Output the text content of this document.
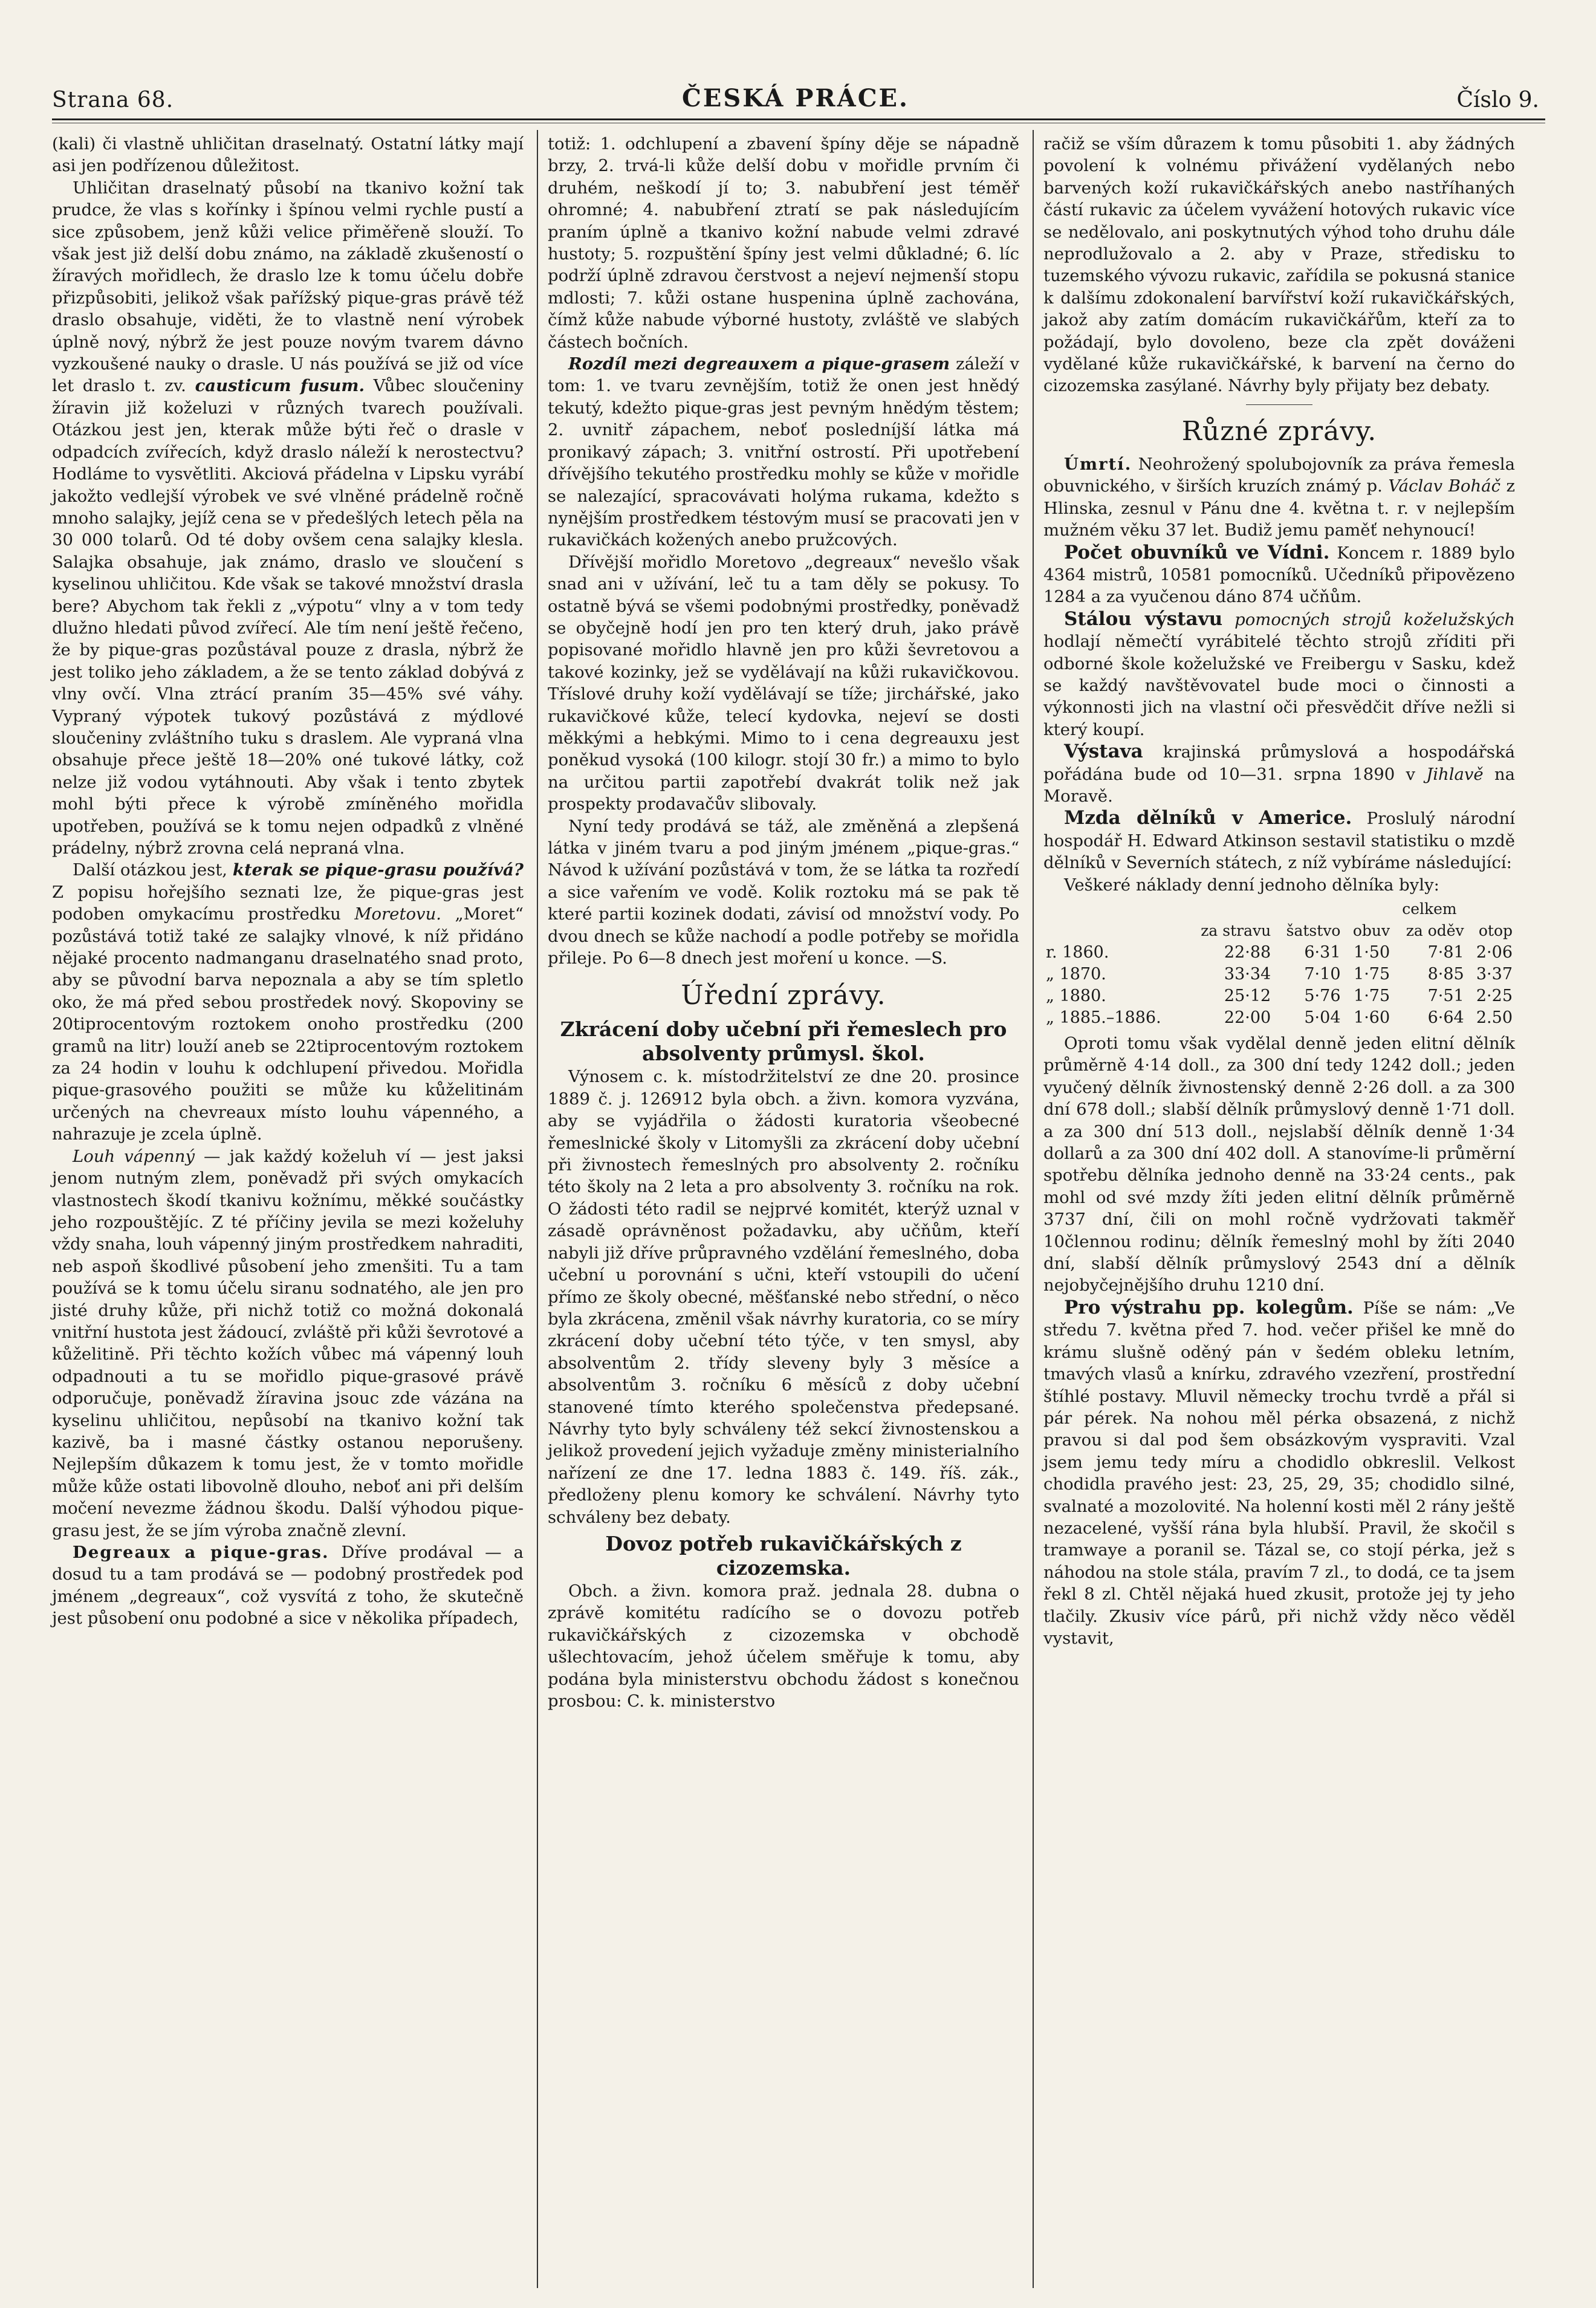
Strana 68.	ČESKÁ PRÁCE.	Číslo 9.

(kali) či vlastně uhličitan draselnatý. Ostatní látky mají asi jen podřízenou důležitost.

Uhličitan draselnatý působí na tkanivo kožní tak prudce, že vlas s kořínky i špínou velmi rychle pustí a sice způsobem, jenž kůži velice přiměřeně slouží. To však jest již delší dobu známo, na základě zkušeností o žíravých mořidlech, že draslo lze k tomu účelu dobře přizpůsobiti, jelikož však pařížský pique-gras právě též draslo obsahuje, viděti, že to vlastně není výrobek úplně nový, nýbrž že jest pouze novým tvarem dávno vyzkoušené nauky o drasle. U nás používá se již od více let draslo t. zv. causticum fusum. Vůbec sloučeniny žíravin již koželuzi v různých tvarech používali. Otázkou jest jen, kterak může býti řeč o drasle v odpadcích zvířecích, když draslo náleží k nerostectvu? Hodláme to vysvětliti. Akciová přádelna v Lipsku vyrábí jakožto vedlejší výrobek ve své vlněné prádelně ročně mnoho salajky, jejíž cena se v předešlých letech pěla na 30 000 tolarů. Od té doby ovšem cena salajky klesla. Salajka obsahuje, jak známo, draslo ve sloučení s kyselinou uhličitou. Kde však se takové množství drasla bere? Abychom tak řekli z „výpotu“ vlny a v tom tedy dlužno hledati původ zvířecí. Ale tím není ještě řečeno, že by pique-gras pozůstával pouze z drasla, nýbrž že jest toliko jeho základem, a že se tento základ dobývá z vlny ovčí. Vlna ztrácí praním 35—45% své váhy. Vypraný výpotek tukový pozůstává z mýdlové sloučeniny zvláštního tuku s draslem. Ale vypraná vlna obsahuje přece ještě 18—20% oné tukové látky, což nelze již vodou vytáhnouti. Aby však i tento zbytek mohl býti přece k výrobě zmíněného mořidla upotřeben, používá se k tomu nejen odpadků z vlněné prádelny, nýbrž zrovna celá nepraná vlna.

Další otázkou jest, kterak se pique-grasu používá? Z popisu hořejšího seznati lze, že pique-gras jest podoben omykacímu prostředku Moretovu. „Moret“ pozůstává totiž také ze salajky vlnové, k níž přidáno nějaké procento nadmanganu draselnatého snad proto, aby se původní barva nepoznala a aby se tím spletlo oko, že má před sebou prostředek nový. Skopoviny se 20tiprocentovým roztokem onoho prostředku (200 gramů na litr) louží aneb se 22tiprocentovým roztokem za 24 hodin v louhu k odchlupení přivedou. Mořidla pique-grasového použiti se může ku kůželitinám určených na chevreaux místo louhu vápenného, a nahrazuje je zcela úplně.

Louh vápenný — jak každý koželuh ví — jest jaksi jenom nutným zlem, poněvadž při svých omykacích vlastnostech škodí tkanivu kožnímu, měkké součástky jeho rozpouštějíc. Z té příčiny jevila se mezi koželuhy vždy snaha, louh vápenný jiným prostředkem nahraditi, neb aspoň škodlivé působení jeho zmenšiti. Tu a tam používá se k tomu účelu siranu sodnatého, ale jen pro jisté druhy kůže, při nichž totiž co možná dokonalá vnitřní hustota jest žádoucí, zvláště při kůži ševrotové a kůželitině. Při těchto kožích vůbec má vápenný louh odpadnouti a tu se mořidlo pique-grasové právě odporučuje, poněvadž žíravina jsouc zde vázána na kyselinu uhličitou, nepůsobí na tkanivo kožní tak kazivě, ba i masné částky ostanou neporušeny. Nejlepším důkazem k tomu jest, že v tomto mořidle může kůže ostati libovolně dlouho, neboť ani při delším močení nevezme žádnou škodu. Další výhodou pique-grasu jest, že se jím výroba značně zlevní.

Degreaux a pique-gras. Dříve prodával — a dosud tu a tam prodává se — podobný prostředek pod jménem „degreaux“, což vysvítá z toho, že skutečně jest působení onu podobné a sice v několika případech,

totiž: 1. odchlupení a zbavení špíny děje se nápadně brzy, 2. trvá-li kůže delší dobu v mořidle prvním či druhém, neškodí jí to; 3. nabubření jest téměř ohromné; 4. nabubření ztratí se pak následujícím praním úplně a tkanivo kožní nabude velmi zdravé hustoty; 5. rozpuštění špíny jest velmi důkladné; 6. líc podrží úplně zdravou čerstvost a nejeví nejmenší stopu mdlosti; 7. kůži ostane huspenina úplně zachována, čímž kůže nabude výborné hustoty, zvláště ve slabých částech bočních.

Rozdíl mezi degreauxem a pique-grasem záleží v tom: 1. ve tvaru zevnějším, totiž že onen jest hnědý tekutý, kdežto pique-gras jest pevným hnědým těstem; 2. uvnitř zápachem, neboť posledníjší látka má pronikavý zápach; 3. vnitřní ostrostí. Při upotřebení dřívějšího tekutého prostředku mohly se kůže v mořidle se nalezající, spracovávati holýma rukama, kdežto s nynějším prostředkem téstovým musí se pracovati jen v rukavičkách kožených anebo pružcových.

Dřívější mořidlo Moretovo „degreaux“ nevešlo však snad ani v užívání, leč tu a tam děly se pokusy. To ostatně bývá se všemi podobnými prostředky, poněvadž se obyčejně hodí jen pro ten který druh, jako právě popisované mořidlo hlavně jen pro kůži ševretovou a takové kozinky, jež se vydělávají na kůži rukavičkovou. Tříslové druhy koží vydělávají se tíže; jirchářské, jako rukavičkové kůže, telecí kydovka, nejeví se dosti měkkými a hebkými. Mimo to i cena degreauxu jest poněkud vysoká (100 kilogr. stojí 30 fr.) a mimo to bylo na určitou partii zapotřebí dvakrát tolik než jak prospekty prodavačův slibovaly.

Nyní tedy prodává se táž, ale změněná a zlepšená látka v jiném tvaru a pod jiným jménem „pique-gras.“ Návod k užívání pozůstává v tom, že se látka ta rozředí a sice vařením ve vodě. Kolik roztoku má se pak tě které partii kozinek dodati, závisí od množství vody. Po dvou dnech se kůže nachodí a podle potřeby se mořidla přileje. Po 6—8 dnech jest moření u konce. —S.

Úřední zprávy.

Zkrácení doby učební při řemeslech pro absolventy průmysl. škol.

Výnosem c. k. místodržitelství ze dne 20. prosince 1889 č. j. 126912 byla obch. a živn. komora vyzvána, aby se vyjádřila o žádosti kuratoria všeobecné řemeslnické školy v Litomyšli za zkrácení doby učební při živnostech řemeslných pro absolventy 2. ročníku této školy na 2 leta a pro absolventy 3. ročníku na rok. O žádosti této radil se nejprvé komitét, kterýž uznal v zásadě oprávněnost požadavku, aby učňům, kteří nabyli již dříve průpravného vzdělání řemeslného, doba učební u porovnání s učni, kteří vstoupili do učení přímo ze školy obecné, měšťanské nebo střední, o něco byla zkrácena, změnil však návrhy kuratoria, co se míry zkrácení doby učební této týče, v ten smysl, aby absolventům 2. třídy sleveny byly 3 měsíce a absolventům 3. ročníku 6 měsíců z doby učební stanovené tímto kterého společenstva předepsané. Návrhy tyto byly schváleny též sekcí živnostenskou a jelikož provedení jejich vyžaduje změny ministerialního nařízení ze dne 17. ledna 1883 č. 149. říš. zák., předloženy plenu komory ke schválení. Návrhy tyto schváleny bez debaty.

Dovoz potřeb rukavičkářských z cizozemska.

Obch. a živn. komora praž. jednala 28. dubna o zprávě komitétu radícího se o dovozu potřeb rukavičkářských z cizozemska v obchodě ušlechtovacím, jehož účelem směřuje k tomu, aby podána byla ministerstvu obchodu žádost s konečnou prosbou: C. k. ministerstvo

račiž se vším důrazem k tomu působiti 1. aby žádných povolení k volnému přivážení vydělaných nebo barvených koží rukavičkářských anebo nastříhaných částí rukavic za účelem vyvážení hotových rukavic více se nedělovalo, ani poskytnutých výhod toho druhu dále neprodlužovalo a 2. aby v Praze, středisku to tuzemského vývozu rukavic, zařídila se pokusná stanice k dalšímu zdokonalení barvířství koží rukavičkářských, jakož aby zatím domácím rukavičkářům, kteří za to požádají, bylo dovoleno, beze cla zpět dováženi vydělané kůže rukavičkářské, k barvení na černo do cizozemska zasýlané. Návrhy byly přijaty bez debaty.

Různé zprávy.

Úmrtí. Neohrožený spolubojovník za práva řemesla obuvnického, v širších kruzích známý p. Václav Boháč z Hlinska, zesnul v Pánu dne 4. května t. r. v nejlepším mužném věku 37 let. Budiž jemu paměť nehynoucí!

Počet obuvníků ve Vídni. Koncem r. 1889 bylo 4364 mistrů, 10581 pomocníků. Učedníků připovězeno 1284 a za vyučenou dáno 874 učňům.

Stálou výstavu pomocných strojů koželužských hodlají němečtí vyrábitelé těchto strojů zříditi při odborné škole koželužské ve Freibergu v Sasku, kdež se každý navštěvovatel bude moci o činnosti a výkonnosti jich na vlastní oči přesvědčit dříve nežli si který koupí.

Výstava krajinská průmyslová a hospodářská pořádána bude od 10—31. srpna 1890 v Jihlavě na Moravě.

Mzda dělníků v Americe. Proslulý národní hospodář H. Edward Atkinson sestavil statistiku o mzdě dělníků v Severních státech, z níž vybíráme následující:

Veškeré náklady denní jednoho dělníka byly:

				celkem	
	za stravu	šatstvo	obuv	za oděv	otop
r. 1860.	22·88	6·31	1·50	7·81	2·06
„ 1870.	33·34	7·10	1·75	8·85	3·37
„ 1880.	25·12	5·76	1·75	7·51	2·25
„ 1885.–1886.	22·00	5·04	1·60	6·64	2.50

Oproti tomu však vydělal denně jeden elitní dělník průměrně 4·14 doll., za 300 dní tedy 1242 doll.; jeden vyučený dělník živnostenský denně 2·26 doll. a za 300 dní 678 doll.; slabší dělník průmyslový denně 1·71 doll. a za 300 dní 513 doll., nejslabší dělník denně 1·34 dollarů a za 300 dní 402 doll. A stanovíme-li průměrní spotřebu dělníka jednoho denně na 33·24 cents., pak mohl od své mzdy žíti jeden elitní dělník průměrně 3737 dní, čili on mohl ročně vydržovati takměř 10člennou rodinu; dělník řemeslný mohl by žíti 2040 dní, slabší dělník průmyslový 2543 dní a dělník nejobyčejnějšího druhu 1210 dní.

Pro výstrahu pp. kolegům. Píše se nám: „Ve středu 7. května před 7. hod. večer přišel ke mně do krámu slušně oděný pán v šedém obleku letním, tmavých vlasů a knírku, zdravého vzezření, prostřední štíhlé postavy. Mluvil německy trochu tvrdě a přál si pár pérek. Na nohou měl pérka obsazená, z nichž pravou si dal pod šem obsázkovým vyspraviti. Vzal jsem jemu tedy míru a chodidlo obkreslil. Velkost chodidla pravého jest: 23, 25, 29, 35; chodidlo silné, svalnaté a mozolovité. Na holenní kosti měl 2 rány ještě nezacelené, vyšší rána byla hlubší. Pravil, že skočil s tramwaye a poranil se. Tázal se, co stojí pérka, jež s náhodou na stole stála, pravím 7 zl., to dodá, ce ta jsem řekl 8 zl. Chtěl nějaká hued zkusit, protože jej ty jeho tlačily. Zkusiv více párů, při nichž vždy něco věděl vystavit,
